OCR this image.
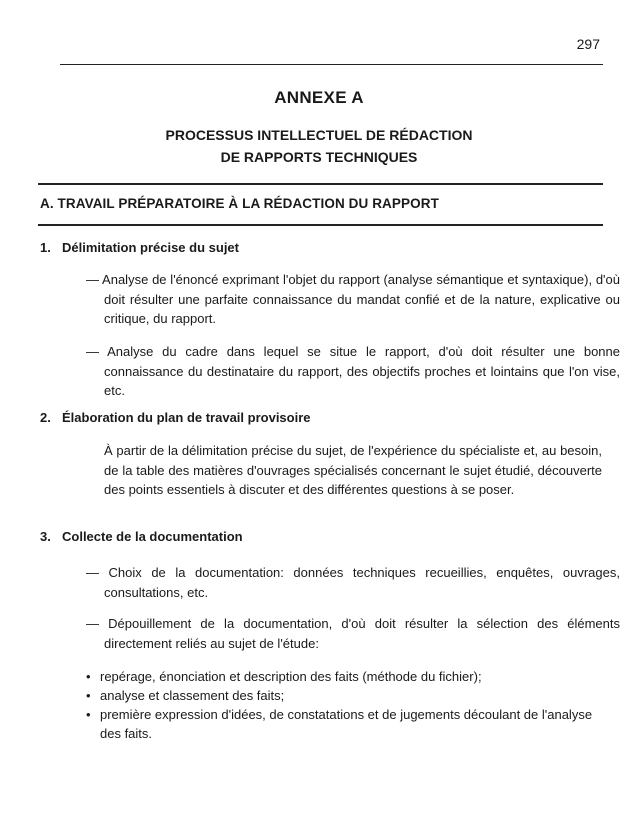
297
ANNEXE A
PROCESSUS INTELLECTUEL DE RÉDACTION
DE RAPPORTS TECHNIQUES
A. TRAVAIL PRÉPARATOIRE À LA RÉDACTION DU RAPPORT
1. Délimitation précise du sujet
— Analyse de l'énoncé exprimant l'objet du rapport (analyse sémantique et syntaxique), d'où doit résulter une parfaite connaissance du mandat confié et de la nature, explicative ou critique, du rapport.
— Analyse du cadre dans lequel se situe le rapport, d'où doit résulter une bonne connaissance du destinataire du rapport, des objectifs proches et lointains que l'on vise, etc.
2. Élaboration du plan de travail provisoire
À partir de la délimitation précise du sujet, de l'expérience du spécialiste et, au besoin, de la table des matières d'ouvrages spécialisés concernant le sujet étudié, découverte des points essentiels à discuter et des différentes questions à se poser.
3. Collecte de la documentation
— Choix de la documentation: données techniques recueillies, enquêtes, ouvrages, consultations, etc.
— Dépouillement de la documentation, d'où doit résulter la sélection des éléments directement reliés au sujet de l'étude:
• repérage, énonciation et description des faits (méthode du fichier);
• analyse et classement des faits;
• première expression d'idées, de constatations et de jugements découlant de l'analyse des faits.
